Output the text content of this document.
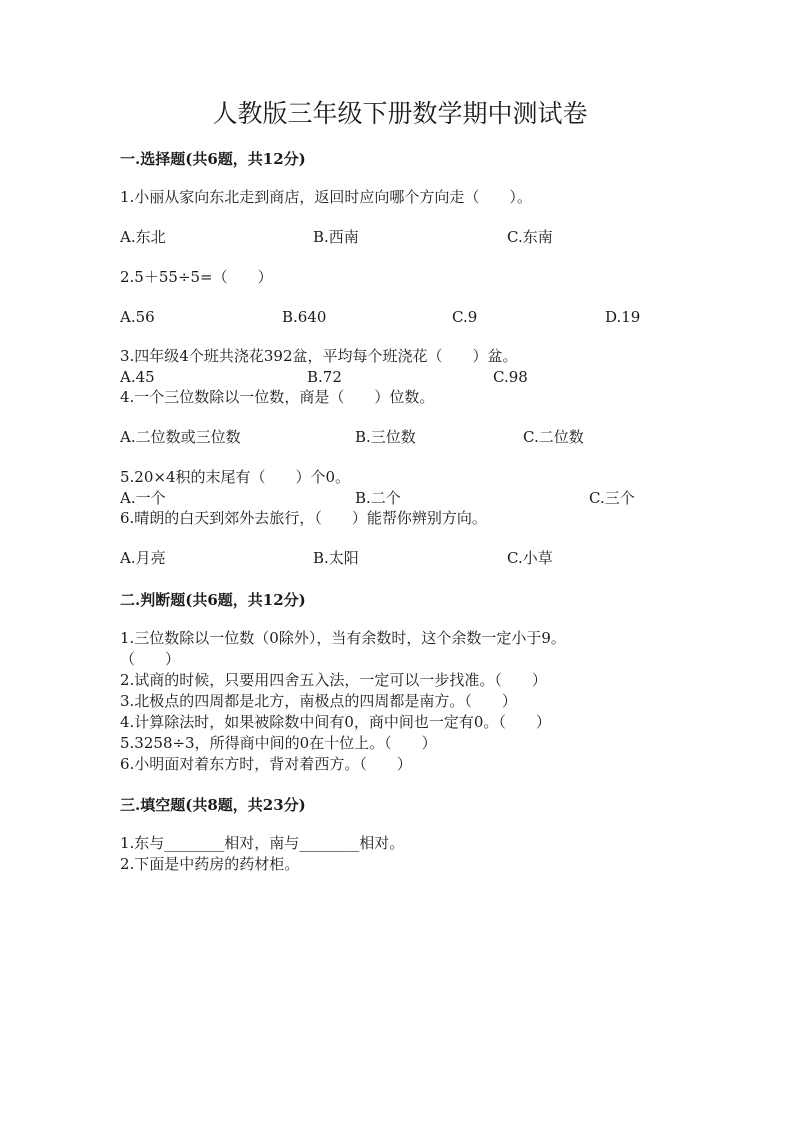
人教版三年级下册数学期中测试卷
一.选择题(共6题，共12分)
1.小丽从家向东北走到商店，返回时应向哪个方向走（　　）。
A.东北	B.西南	C.东南
2.5＋55÷5=（　　）
A.56	B.640	C.9	D.19
3.四年级4个班共浇花392盆，平均每个班浇花（　　）盆。
A.45	B.72	C.98
4.一个三位数除以一位数，商是（　　）位数。
A.二位数或三位数	B.三位数	C.二位数
5.20×4积的末尾有（　　）个0。
A.一个	B.二个	C.三个
6.晴朗的白天到郊外去旅行，（　　）能帮你辨别方向。
A.月亮	B.太阳	C.小草
二.判断题(共6题，共12分)
1.三位数除以一位数（0除外），当有余数时，这个余数一定小于9。
（　　）
2.试商的时候，只要用四舍五入法，一定可以一步找准。（　　）
3.北极点的四周都是北方，南极点的四周都是南方。（　　）
4.计算除法时，如果被除数中间有0，商中间也一定有0。（　　）
5.3258÷3，所得商中间的0在十位上。（　　）
6.小明面对着东方时，背对着西方。（　　）
三.填空题(共8题，共23分)
1.东与________相对，南与________相对。
2.下面是中药房的药材柜。
